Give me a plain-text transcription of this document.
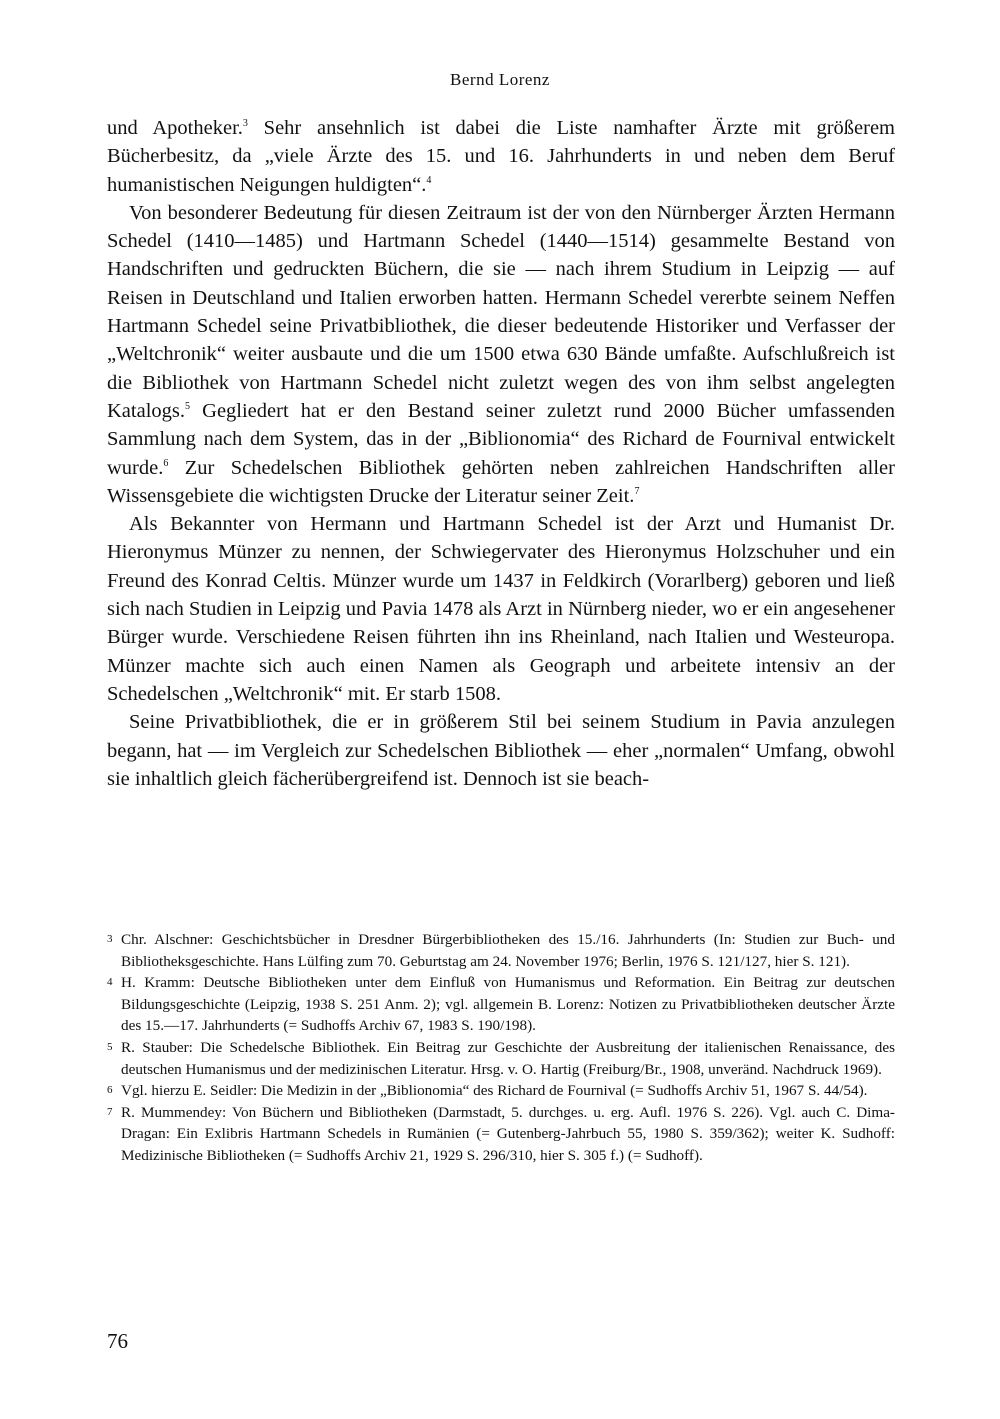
Bernd Lorenz

und Apotheker.$^3$ Sehr ansehnlich ist dabei die Liste namhafter Ärzte mit größerem Bücherbesitz, da „viele Ärzte des 15. und 16. Jahrhunderts in und neben dem Beruf humanistischen Neigungen huldigten“.$^4$

Von besonderer Bedeutung für diesen Zeitraum ist der von den Nürnberger Ärzten Hermann Schedel (1410—1485) und Hartmann Schedel (1440—1514) gesammelte Bestand von Handschriften und gedruckten Büchern, die sie — nach ihrem Studium in Leipzig — auf Reisen in Deutschland und Italien erworben hatten. Hermann Schedel vererbte seinem Neffen Hartmann Schedel seine Privatbibliothek, die dieser bedeutende Historiker und Verfasser der „Weltchronik“ weiter ausbaute und die um 1500 etwa 630 Bände umfaßte. Aufschlußreich ist die Bibliothek von Hartmann Schedel nicht zuletzt wegen des von ihm selbst angelegten Katalogs.$^5$ Gegliedert hat er den Bestand seiner zuletzt rund 2000 Bücher umfassenden Sammlung nach dem System, das in der „Biblionomia“ des Richard de Fournival entwickelt wurde.$^6$ Zur Schedelschen Bibliothek gehörten neben zahlreichen Handschriften aller Wissensgebiete die wichtigsten Drucke der Literatur seiner Zeit.$^7$

Als Bekannter von Hermann und Hartmann Schedel ist der Arzt und Humanist Dr. Hieronymus Münzer zu nennen, der Schwiegervater des Hieronymus Holzschuher und ein Freund des Konrad Celtis. Münzer wurde um 1437 in Feldkirch (Vorarlberg) geboren und ließ sich nach Studien in Leipzig und Pavia 1478 als Arzt in Nürnberg nieder, wo er ein angesehener Bürger wurde. Verschiedene Reisen führten ihn ins Rheinland, nach Italien und Westeuropa. Münzer machte sich auch einen Namen als Geograph und arbeitete intensiv an der Schedelschen „Weltchronik“ mit. Er starb 1508.

Seine Privatbibliothek, die er in größerem Stil bei seinem Studium in Pavia anzulegen begann, hat — im Vergleich zur Schedelschen Bibliothek — eher „normalen“ Umfang, obwohl sie inhaltlich gleich fächerübergreifend ist. Dennoch ist sie beach-

3 Chr. Alschner: Geschichtsbücher in Dresdner Bürgerbibliotheken des 15./16. Jahrhunderts (In: Studien zur Buch- und Bibliotheksgeschichte. Hans Lülfing zum 70. Geburtstag am 24. November 1976; Berlin, 1976 S. 121/127, hier S. 121).

4 H. Kramm: Deutsche Bibliotheken unter dem Einfluß von Humanismus und Reformation. Ein Beitrag zur deutschen Bildungsgeschichte (Leipzig, 1938 S. 251 Anm. 2); vgl. allgemein B. Lorenz: Notizen zu Privatbibliotheken deutscher Ärzte des 15.—17. Jahrhunderts (= Sudhoffs Archiv 67, 1983 S. 190/198).

5 R. Stauber: Die Schedelsche Bibliothek. Ein Beitrag zur Geschichte der Ausbreitung der italienischen Renaissance, des deutschen Humanismus und der medizinischen Literatur. Hrsg. v. O. Hartig (Freiburg/Br., 1908, unveränd. Nachdruck 1969).

6 Vgl. hierzu E. Seidler: Die Medizin in der „Biblionomia“ des Richard de Fournival (= Sudhoffs Archiv 51, 1967 S. 44/54).

7 R. Mummendey: Von Büchern und Bibliotheken (Darmstadt, 5. durchges. u. erg. Aufl. 1976 S. 226). Vgl. auch C. Dima-Dragan: Ein Exlibris Hartmann Schedels in Rumänien (= Gutenberg-Jahrbuch 55, 1980 S. 359/362); weiter K. Sudhoff: Medizinische Bibliotheken (= Sudhoffs Archiv 21, 1929 S. 296/310, hier S. 305 f.) (= Sudhoff).

76
